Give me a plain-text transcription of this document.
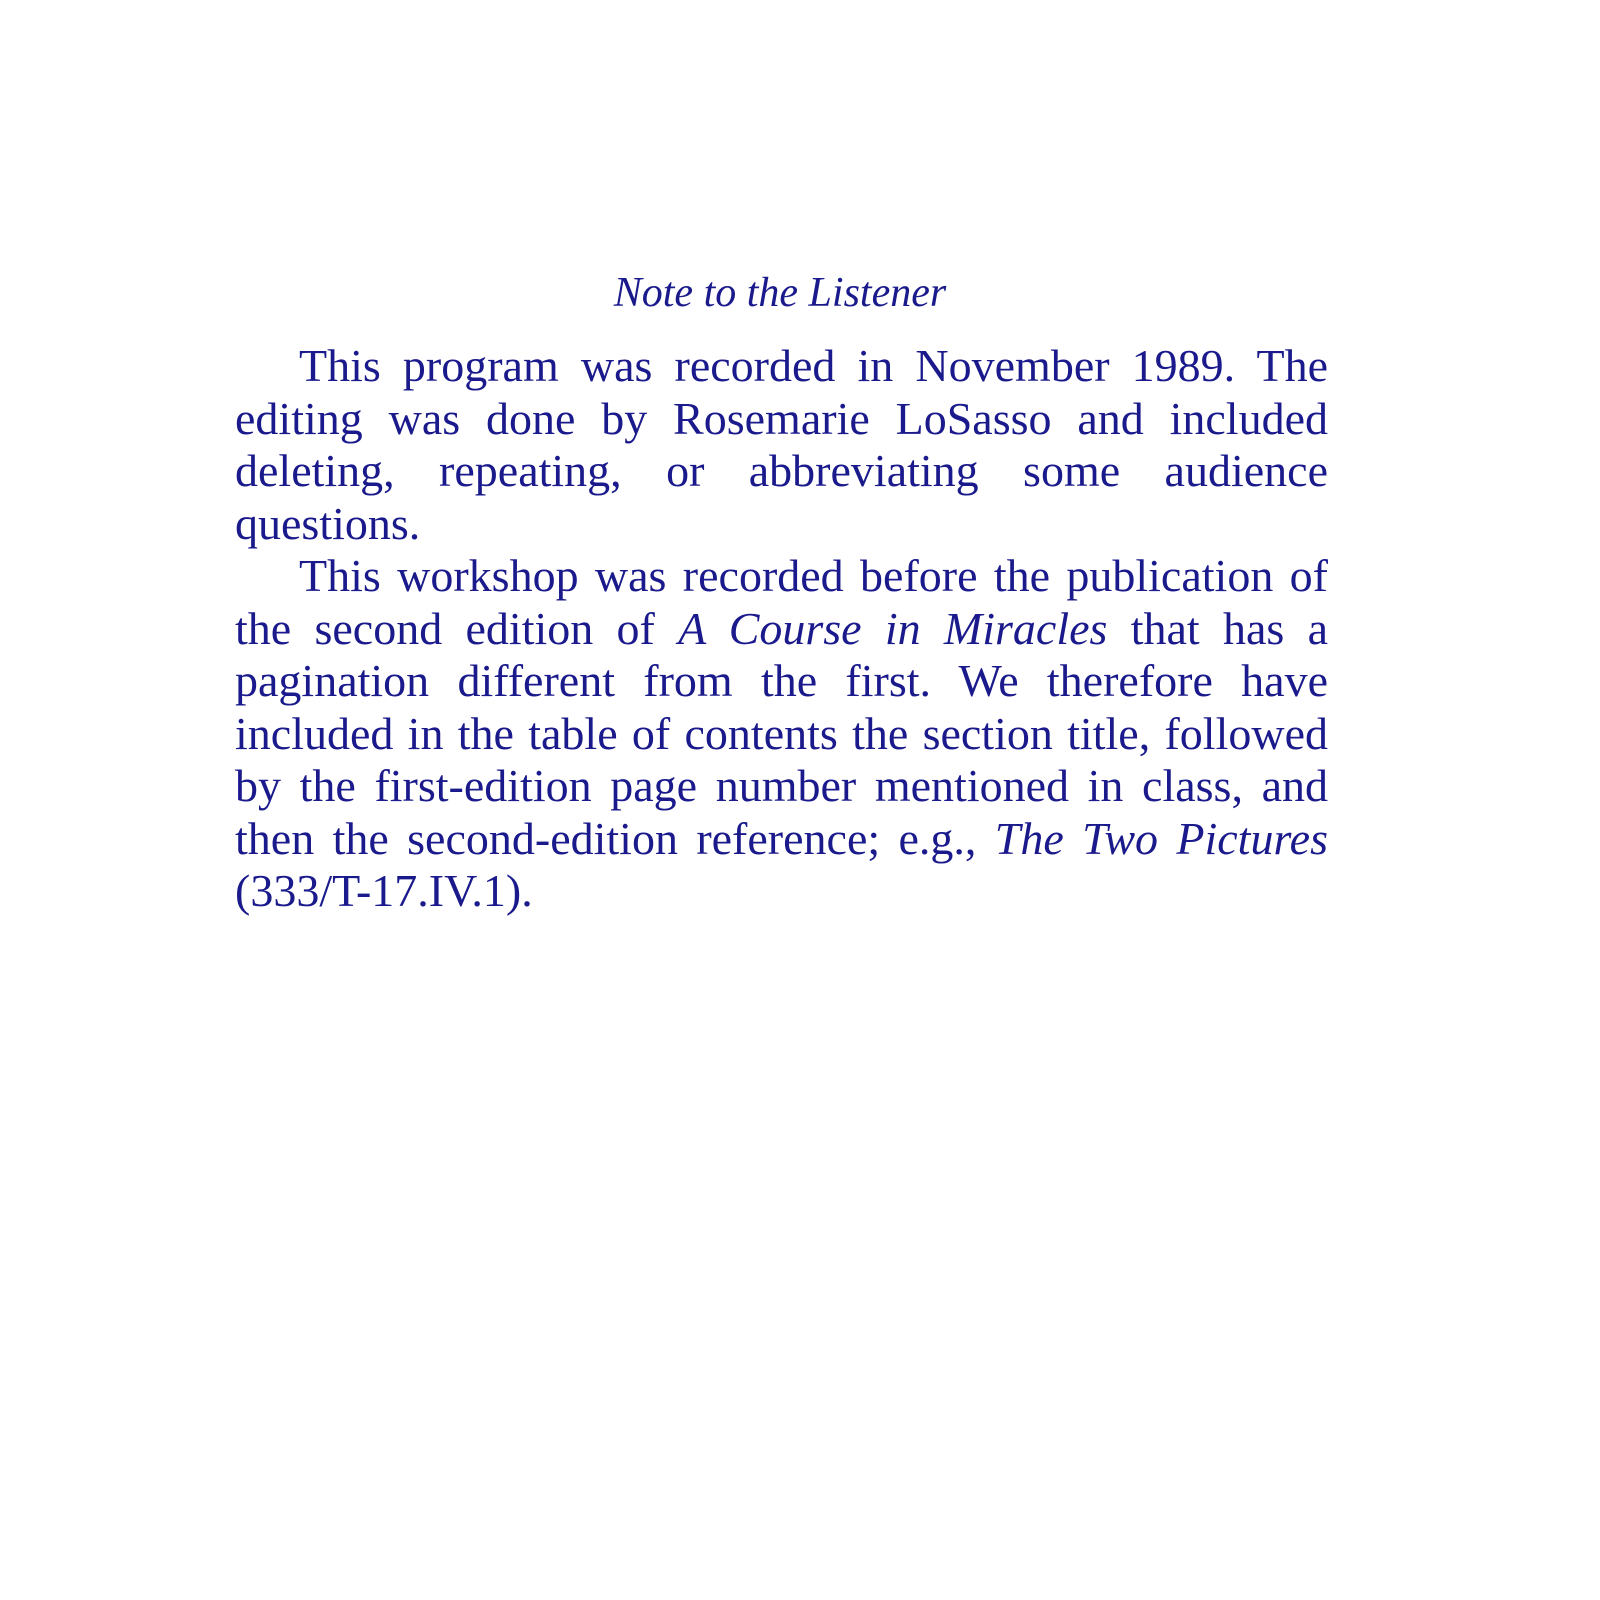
Note to the Listener

This program was recorded in November 1989. The editing was done by Rosemarie LoSasso and included deleting, repeating, or abbreviating some audience questions.

This workshop was recorded before the publication of the second edition of A Course in Miracles that has a pagination different from the first. We therefore have included in the table of contents the section title, followed by the first-edition page number mentioned in class, and then the second-edition reference; e.g., The Two Pictures (333/T-17.IV.1).
